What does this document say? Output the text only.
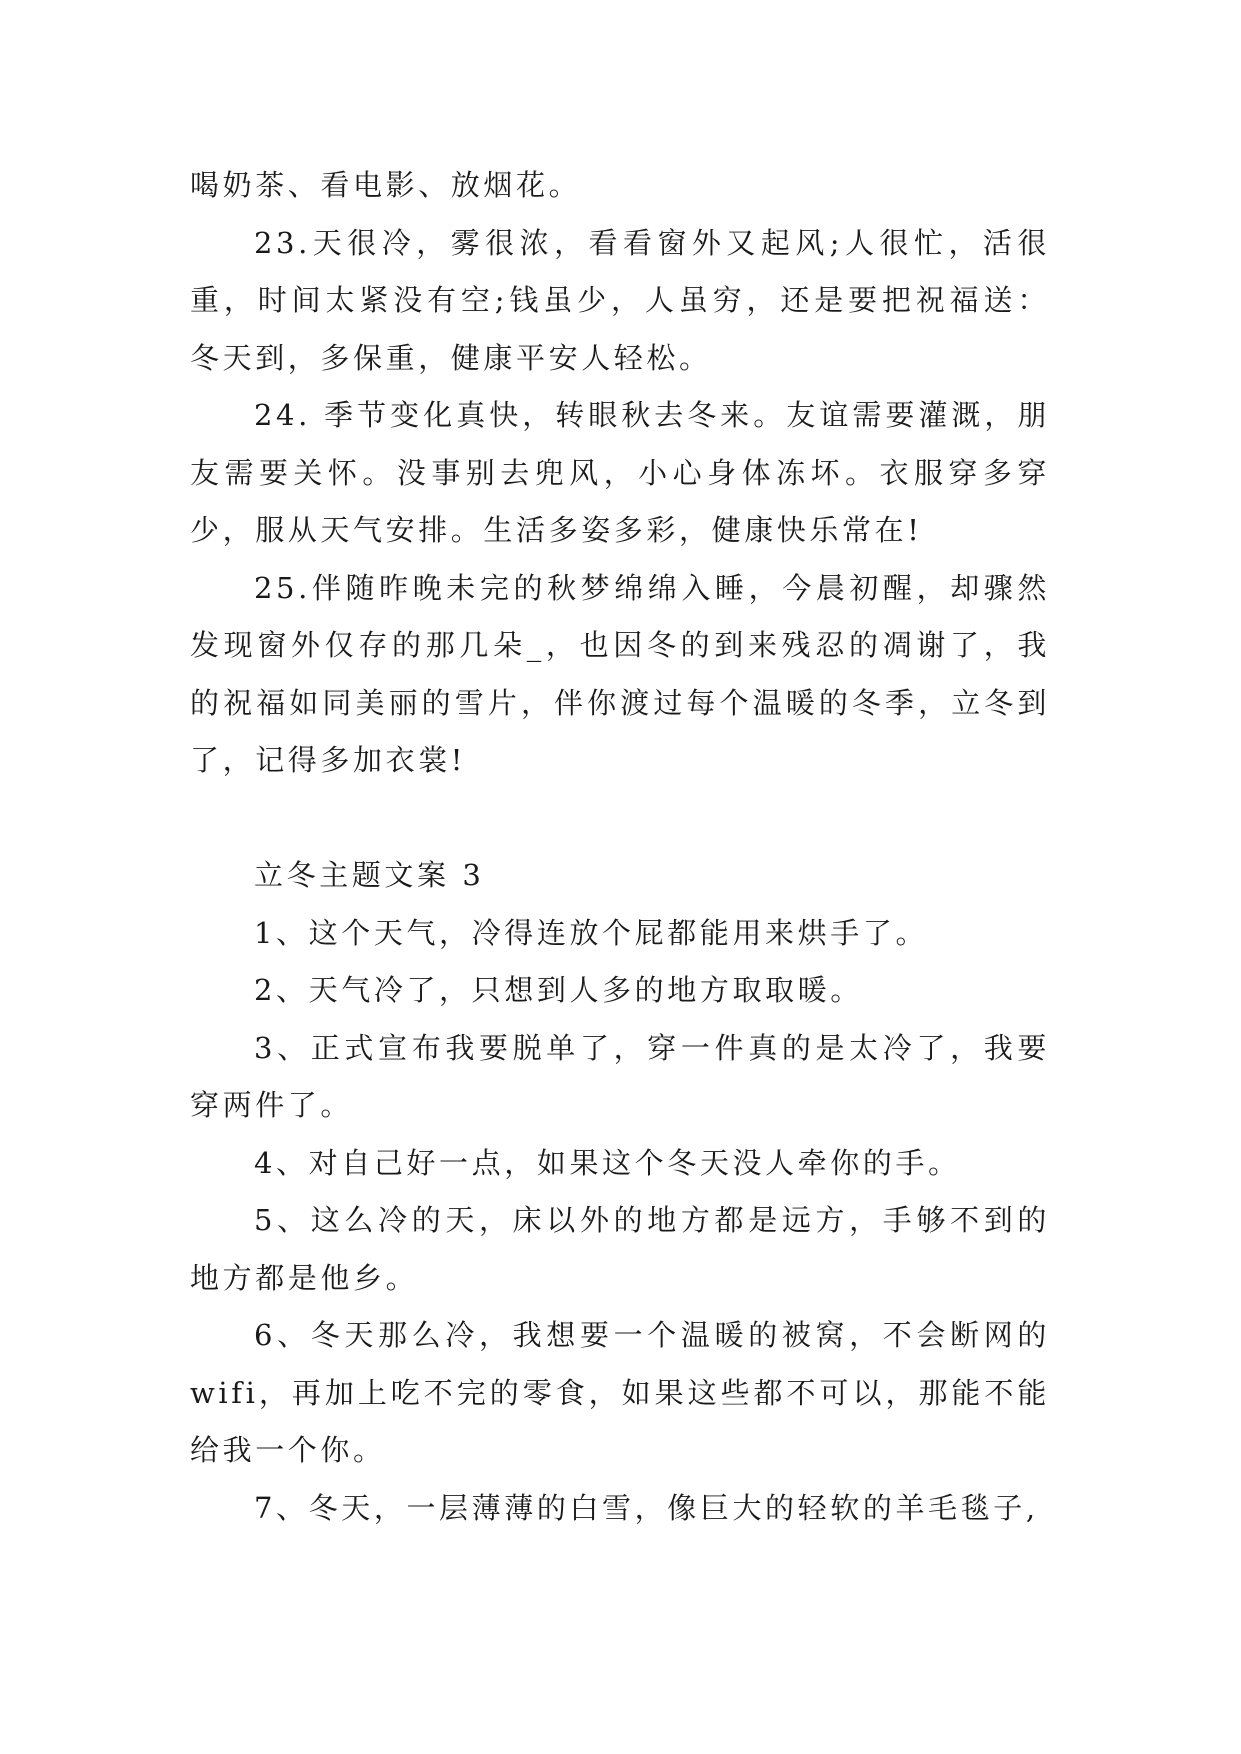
喝奶茶、看电影、放烟花。

23.天很冷，雾很浓，看看窗外又起风;人很忙，活很重，时间太紧没有空;钱虽少，人虽穷，还是要把祝福送：冬天到，多保重，健康平安人轻松。

24. 季节变化真快，转眼秋去冬来。友谊需要灌溉，朋友需要关怀。没事别去兜风，小心身体冻坏。衣服穿多穿少，服从天气安排。生活多姿多彩，健康快乐常在!

25.伴随昨晚未完的秋梦绵绵入睡，今晨初醒，却骤然发现窗外仅存的那几朵_，也因冬的到来残忍的凋谢了，我的祝福如同美丽的雪片，伴你渡过每个温暖的冬季，立冬到了，记得多加衣裳!

立冬主题文案 3

1、这个天气，冷得连放个屁都能用来烘手了。

2、天气冷了，只想到人多的地方取取暖。

3、正式宣布我要脱单了，穿一件真的是太冷了，我要穿两件了。

4、对自己好一点，如果这个冬天没人牵你的手。

5、这么冷的天，床以外的地方都是远方，手够不到的地方都是他乡。

6、冬天那么冷，我想要一个温暖的被窝，不会断网的wifi，再加上吃不完的零食，如果这些都不可以，那能不能给我一个你。

7、冬天，一层薄薄的白雪，像巨大的轻软的羊毛毯子,
